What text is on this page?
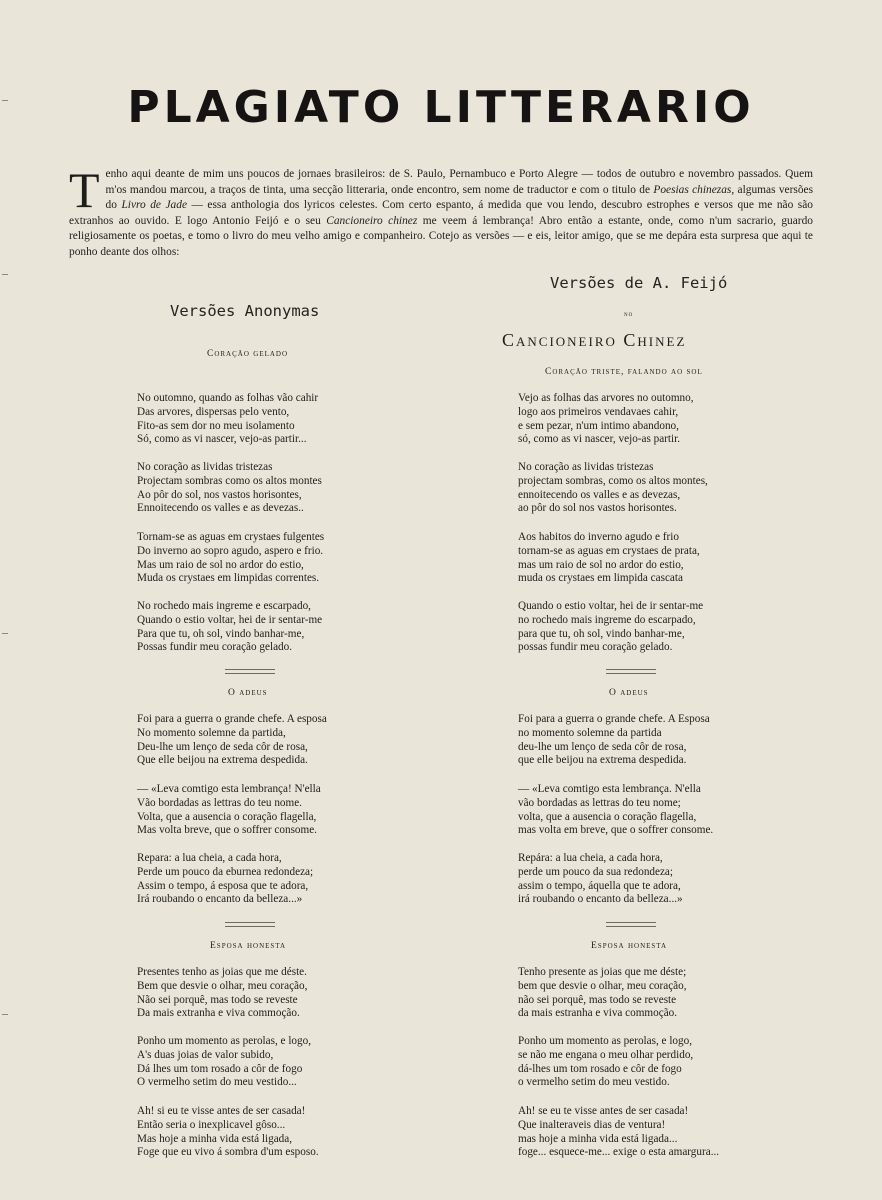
PLAGIATO LITTERARIO
Tenho aqui deante de mim uns poucos de jornaes brasileiros: de S. Paulo, Pernambuco e Porto Alegre — todos de outubro e novembro passados. Quem m'os mandou marcou, a traços de tinta, uma secção litteraria, onde encontro, sem nome de traductor e com o titulo de Poesias chinezas, algumas versões do Livro de Jade — essa anthologia dos lyricos celestes. Com certo espanto, á medida que vou lendo, descubro estrophes e versos que me não são extranhos ao ouvido. E logo Antonio Feijó e o seu Cancioneiro chinez me veem á lembrança! Abro então a estante, onde, como n'um sacrario, guardo religiosamente os poetas, e tomo o livro do meu velho amigo e companheiro. Cotejo as versões — e eis, leitor amigo, que se me depára esta surpresa que aqui te ponho deante dos olhos:
Versões Anonymas
Coração gelado
No outomno, quando as folhas vão cahir
Das arvores, dispersas pelo vento,
Fito-as sem dor no meu isolamento
Só, como as vi nascer, vejo-as partir...
No coração as lividas tristezas
Projectam sombras como os altos montes
Ao pôr do sol, nos vastos horisontes,
Ennoitecendo os valles e as devezas..
Tornam-se as aguas em crystaes fulgentes
Do inverno ao sopro agudo, aspero e frio.
Mas um raio de sol no ardor do estio,
Muda os crystaes em limpidas correntes.
No rochedo mais ingreme e escarpado,
Quando o estio voltar, hei de ir sentar-me
Para que tu, oh sol, vindo banhar-me,
Possas fundir meu coração gelado.
O adeus
Foi para a guerra o grande chefe. A esposa
No momento solemne da partida,
Deu-lhe um lenço de seda côr de rosa,
Que elle beijou na extrema despedida.
— «Leva comtigo esta lembrança! N'ella
Vão bordadas as lettras do teu nome.
Volta, que a ausencia o coração flagella,
Mas volta breve, que o soffrer consome.
Repara: a lua cheia, a cada hora,
Perde um pouco da eburnea redondeza;
Assim o tempo, á esposa que te adora,
Irá roubando o encanto da belleza...»
Esposa honesta
Presentes tenho as joias que me déste.
Bem que desvie o olhar, meu coração,
Não sei porquê, mas todo se reveste
Da mais extranha e viva commoção.
Ponho um momento as perolas, e logo,
A's duas joias de valor subido,
Dá lhes um tom rosado a côr de fogo
O vermelho setim do meu vestido...
Ah! si eu te visse antes de ser casada!
Então seria o inexplicavel gôso...
Mas hoje a minha vida está ligada,
Foge que eu vivo á sombra d'um esposo.
Versões de A. Feijó
no
Cancioneiro Chinez
Coração triste, falando ao sol
Vejo as folhas das arvores no outomno,
logo aos primeiros vendavaes cahir,
e sem pezar, n'um intimo abandono,
só, como as vi nascer, vejo-as partir.
No coração as lividas tristezas
projectam sombras, como os altos montes,
ennoitecendo os valles e as devezas,
ao pôr do sol nos vastos horisontes.
Aos habitos do inverno agudo e frio
tornam-se as aguas em crystaes de prata,
mas um raio de sol no ardor do estio,
muda os crystaes em limpida cascata
Quando o estio voltar, hei de ir sentar-me
no rochedo mais ingreme do escarpado,
para que tu, oh sol, vindo banhar-me,
possas fundir meu coração gelado.
O adeus
Foi para a guerra o grande chefe. A Esposa
no momento solemne da partida
deu-lhe um lenço de seda côr de rosa,
que elle beijou na extrema despedida.
— «Leva comtigo esta lembrança. N'ella
vão bordadas as lettras do teu nome;
volta, que a ausencia o coração flagella,
mas volta em breve, que o soffrer consome.
Repára: a lua cheia, a cada hora,
perde um pouco da sua redondeza;
assim o tempo, áquella que te adora,
irá roubando o encanto da belleza...»
Esposa honesta
Tenho presente as joias que me déste;
bem que desvie o olhar, meu coração,
não sei porquê, mas todo se reveste
da mais estranha e viva commoção.
Ponho um momento as perolas, e logo,
se não me engana o meu olhar perdido,
dá-lhes um tom rosado e côr de fogo
o vermelho setim do meu vestido.
Ah! se eu te visse antes de ser casada!
Que inalteraveis dias de ventura!
mas hoje a minha vida está ligada...
foge... esquece-me... exige o esta amargura...
